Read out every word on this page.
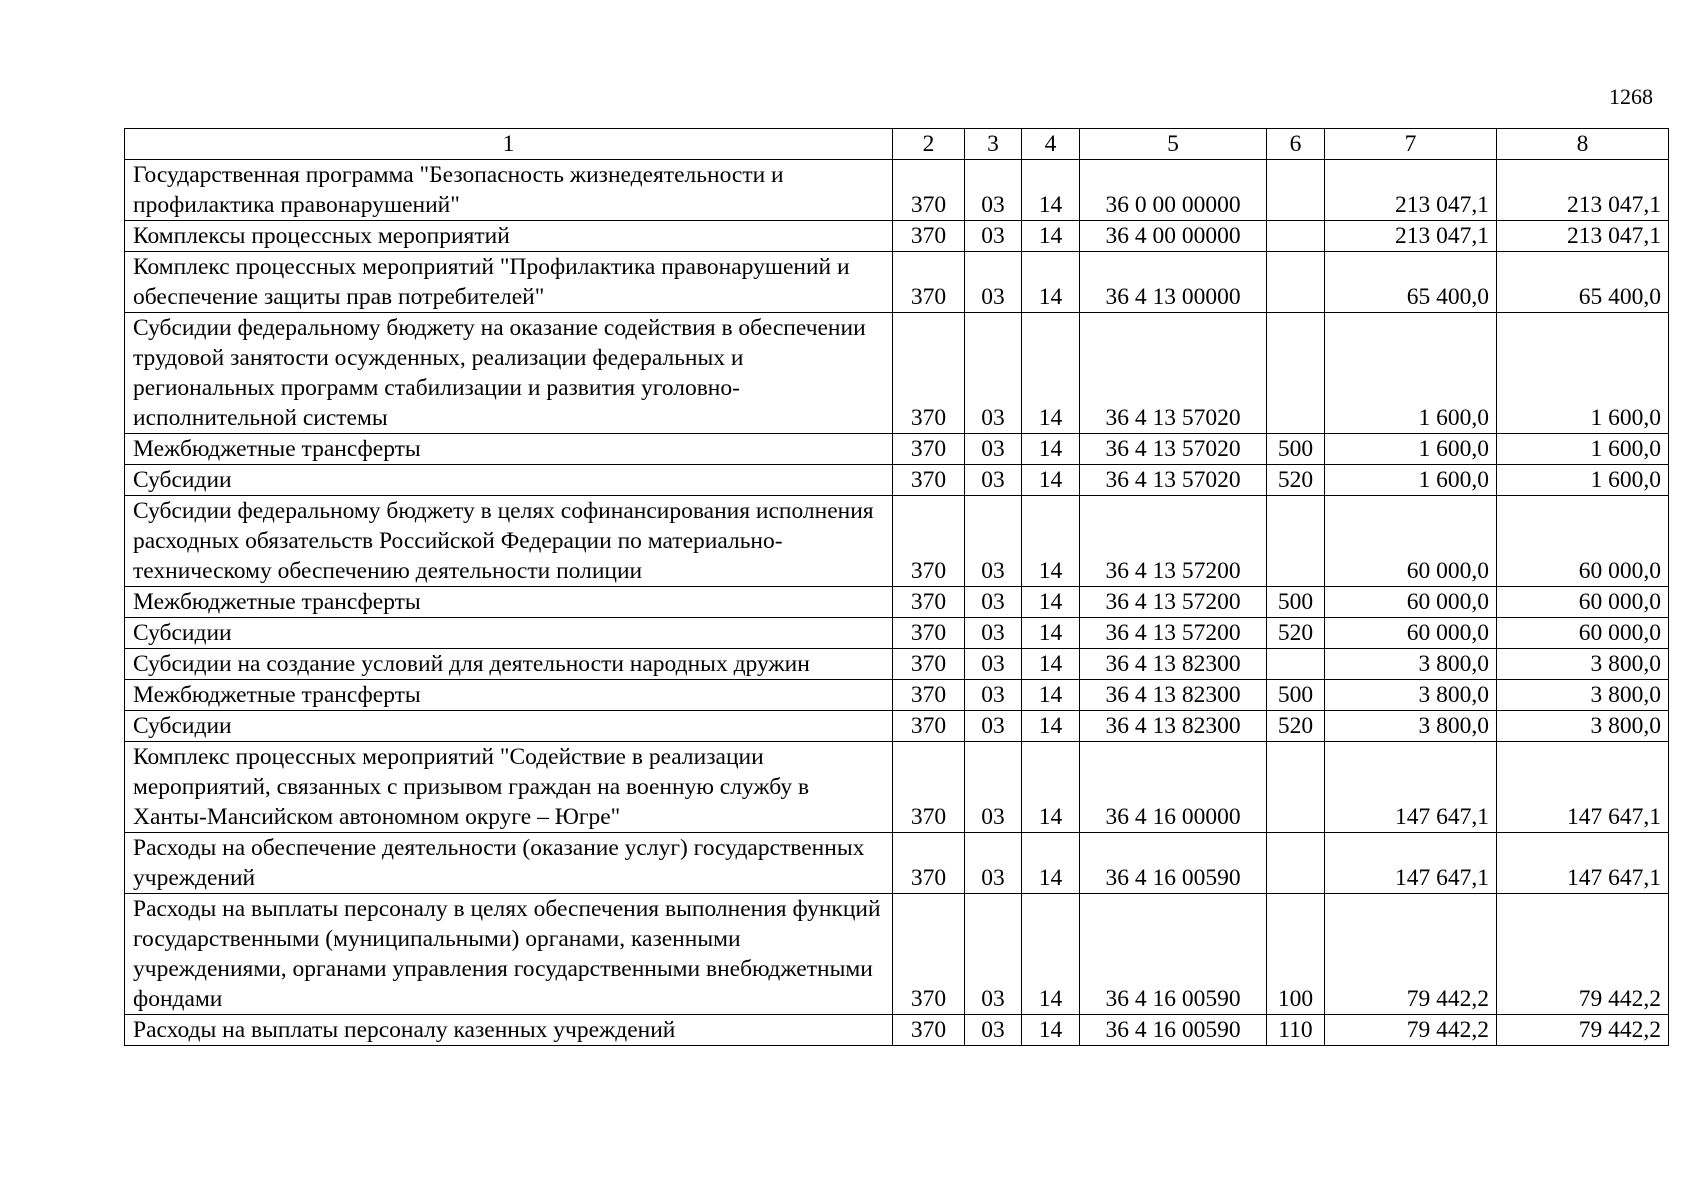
1268
1	2	3	4	5	6	7	8
Государственная программа "Безопасность жизнедеятельности и профилактика правонарушений"	370	03	14	36 0 00 00000		213 047,1	213 047,1
Комплексы процессных мероприятий	370	03	14	36 4 00 00000		213 047,1	213 047,1
Комплекс процессных мероприятий "Профилактика правонарушений и обеспечение защиты прав потребителей"	370	03	14	36 4 13 00000		65 400,0	65 400,0
Субсидии федеральному бюджету на оказание содействия в обеспечении трудовой занятости осужденных, реализации федеральных и региональных программ стабилизации и развития уголовно-исполнительной системы	370	03	14	36 4 13 57020		1 600,0	1 600,0
Межбюджетные трансферты	370	03	14	36 4 13 57020	500	1 600,0	1 600,0
Субсидии	370	03	14	36 4 13 57020	520	1 600,0	1 600,0
Субсидии федеральному бюджету в целях софинансирования исполнения расходных обязательств Российской Федерации по материально-техническому обеспечению деятельности полиции	370	03	14	36 4 13 57200		60 000,0	60 000,0
Межбюджетные трансферты	370	03	14	36 4 13 57200	500	60 000,0	60 000,0
Субсидии	370	03	14	36 4 13 57200	520	60 000,0	60 000,0
Субсидии на создание условий для деятельности народных дружин	370	03	14	36 4 13 82300		3 800,0	3 800,0
Межбюджетные трансферты	370	03	14	36 4 13 82300	500	3 800,0	3 800,0
Субсидии	370	03	14	36 4 13 82300	520	3 800,0	3 800,0
Комплекс процессных мероприятий "Содействие в реализации мероприятий, связанных с призывом граждан на военную службу в Ханты-Мансийском автономном округе – Югре"	370	03	14	36 4 16 00000		147 647,1	147 647,1
Расходы на обеспечение деятельности (оказание услуг) государственных учреждений	370	03	14	36 4 16 00590		147 647,1	147 647,1
Расходы на выплаты персоналу в целях обеспечения выполнения функций государственными (муниципальными) органами, казенными учреждениями, органами управления государственными внебюджетными фондами	370	03	14	36 4 16 00590	100	79 442,2	79 442,2
Расходы на выплаты персоналу казенных учреждений	370	03	14	36 4 16 00590	110	79 442,2	79 442,2
